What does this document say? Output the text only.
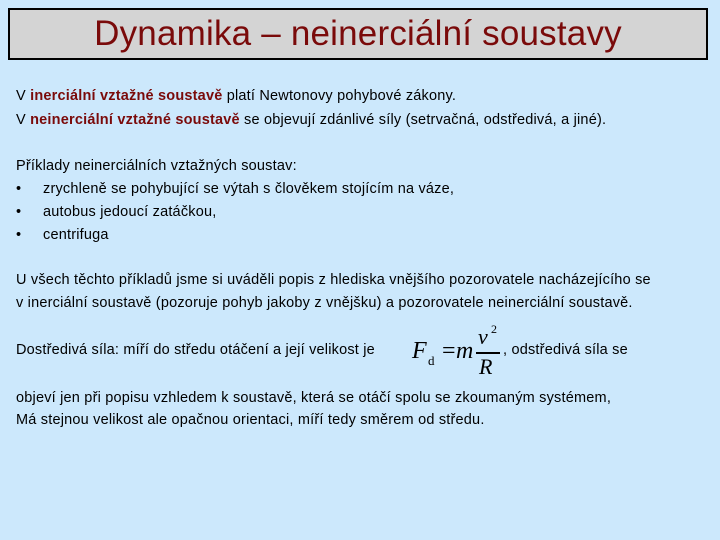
Dynamika – neinerciální soustavy
V inerciální vztažné soustavě platí Newtonovy pohybové zákony.
V neinerciální vztažné soustavě se objevují zdánlivé síly (setrvačná, odstředivá, a jiné).
Příklady neinerciálních vztažných soustav:
• zrychleně se pohybující se výtah s člověkem stojícím na váze,
• autobus jedoucí zatáčkou,
• centrifuga
U všech těchto příkladů jsme si uváděli popis z hlediska vnějšího pozorovatele nacházejícího se
v inerciální soustavě (pozoruje pohyb jakoby z vnějšku) a pozorovatele neinerciální soustavě.
Dostředivá síla: míří do středu otáčení a její velikost je F d = m
v 2
R
, odstředivá síla se
objeví jen při popisu vzhledem k soustavě, která se otáčí spolu se zkoumaným systémem,
Má stejnou velikost ale opačnou orientaci, míří tedy směrem od středu.
